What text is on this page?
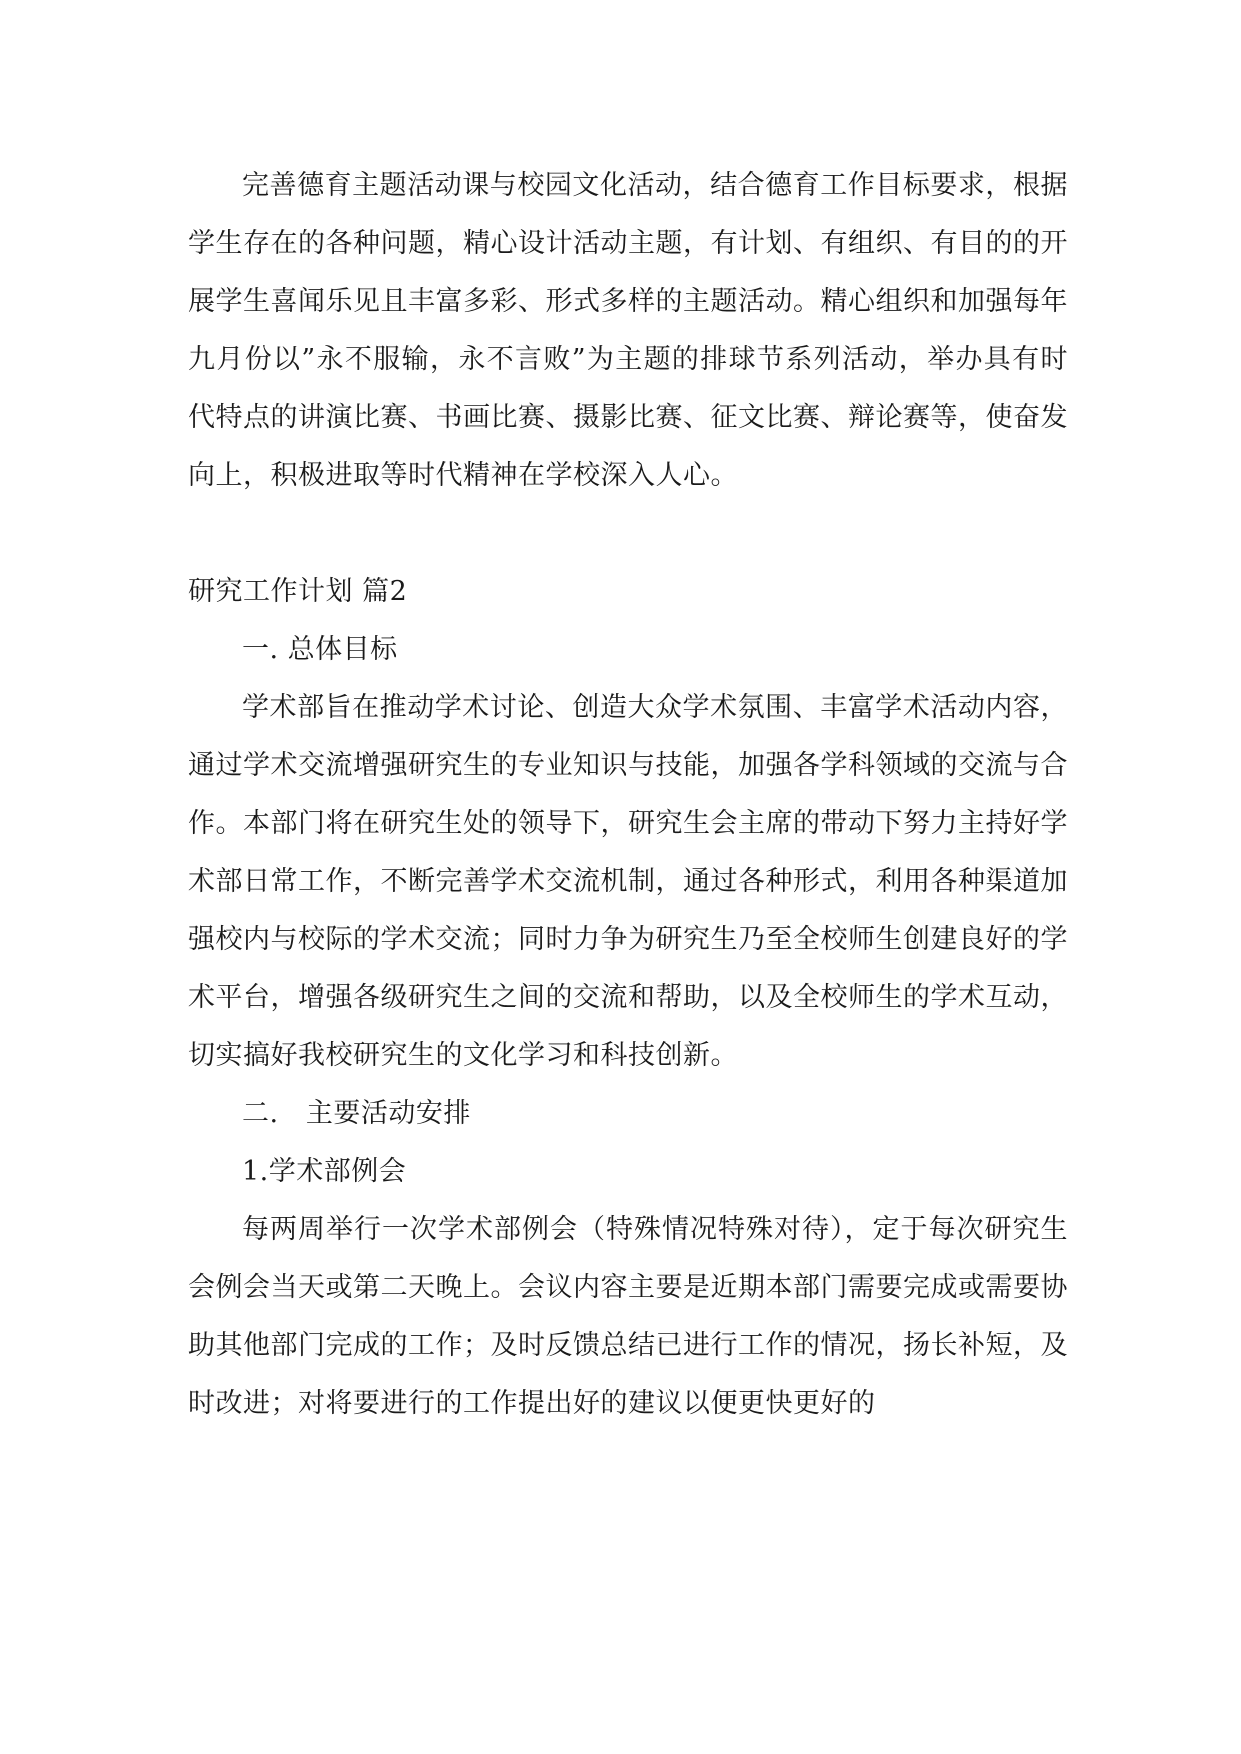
完善德育主题活动课与校园文化活动，结合德育工作目标要求，根据学生存在的各种问题，精心设计活动主题，有计划、有组织、有目的的开展学生喜闻乐见且丰富多彩、形式多样的主题活动。精心组织和加强每年九月份以”永不服输，永不言败”为主题的排球节系列活动，举办具有时代特点的讲演比赛、书画比赛、摄影比赛、征文比赛、辩论赛等，使奋发向上，积极进取等时代精神在学校深入人心。

研究工作计划 篇2

一. 总体目标

学术部旨在推动学术讨论、创造大众学术氛围、丰富学术活动内容，通过学术交流增强研究生的专业知识与技能，加强各学科领域的交流与合作。本部门将在研究生处的领导下，研究生会主席的带动下努力主持好学术部日常工作，不断完善学术交流机制，通过各种形式，利用各种渠道加强校内与校际的学术交流；同时力争为研究生乃至全校师生创建良好的学术平台，增强各级研究生之间的交流和帮助，以及全校师生的学术互动，切实搞好我校研究生的文化学习和科技创新。

二.   主要活动安排

1.学术部例会

每两周举行一次学术部例会（特殊情况特殊对待），定于每次研究生会例会当天或第二天晚上。会议内容主要是近期本部门需要完成或需要协助其他部门完成的工作；及时反馈总结已进行工作的情况，扬长补短，及时改进；对将要进行的工作提出好的建议以便更快更好的
